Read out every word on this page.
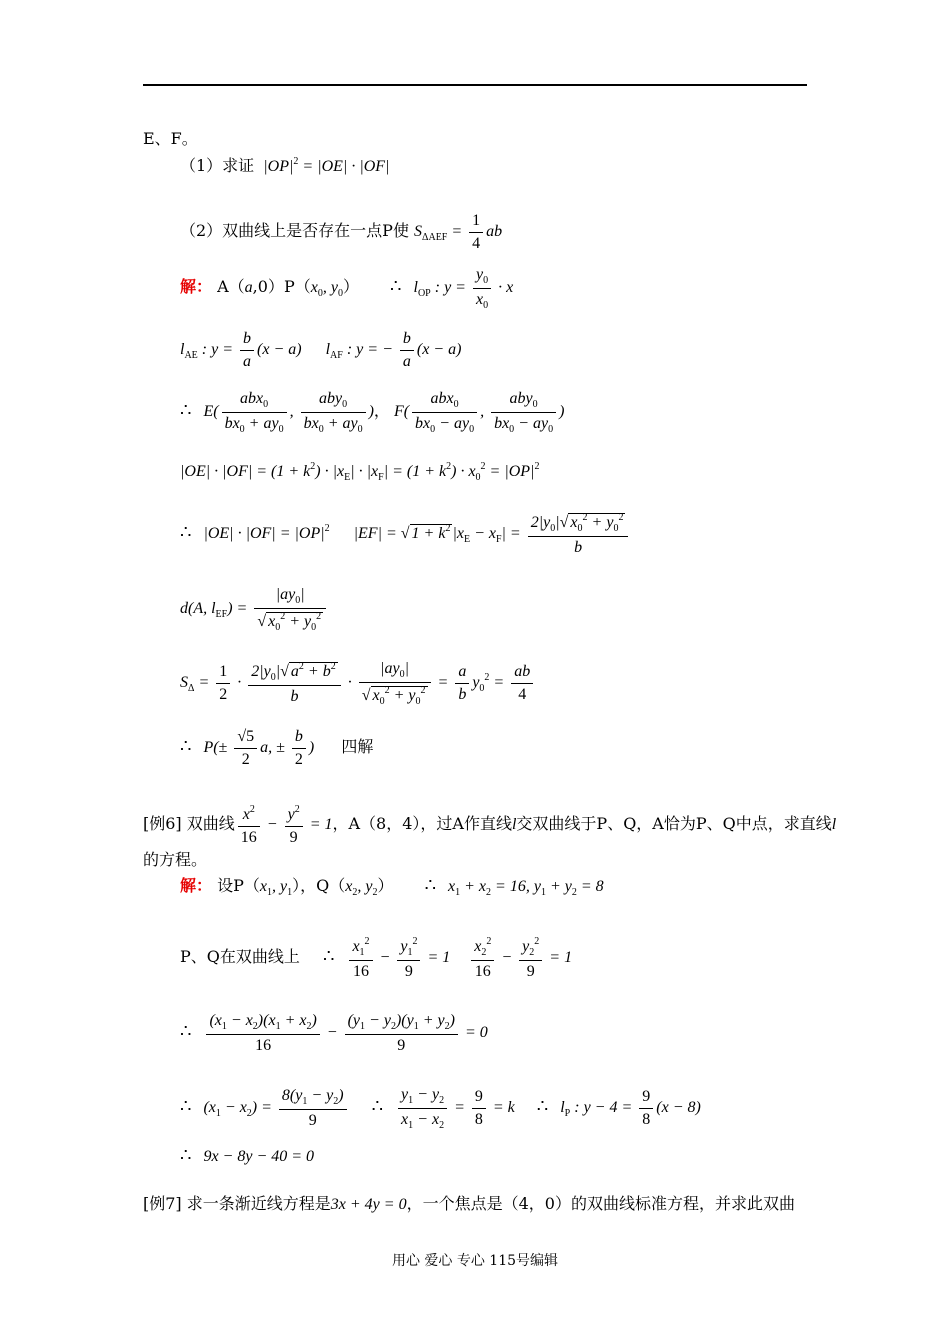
E、F。
（1）求证 $|OP|^2 = |OE| \cdot |OF|$
（2）双曲线上是否存在一点P使 $S_{\Delta AEF} = \frac{1}{4}$ ab
解： $A(a,0)P(x_0$, $y_0$） ∴ $l_{OP}$ : $y = \frac{y_0}{x_0} \cdot x$
$l_{AE}$ : $y = \frac{b}{a} (x - a)$ $l_{AF}$ : y = − $\frac{b}{a} (x - a)$
∴ $E( \frac{abx_0}{bx_0 + ay_0}$ , $\frac{aby_0}{bx_0 + ay_0}$ )， $F( \frac{abx_0}{bx_0 - ay_0}$ , $\frac{aby_0}{bx_0 - ay_0}$ )
$|OE| \cdot |OF| = (1 + k^2) \cdot |x_E| \cdot |x_F| = (1 + k^2) \cdot x_0^2 = |OP|^2$
∴ $|OE| \cdot |OF| = |OP|^2$ |EF| = √ $1 + k^2$ $|x_E - x_F| = \frac{2|y_0|√ x_0^2 + y_0^2}{b}$
d(A, $l_{EF}) = \frac{|ay_0|}{√ x_0^2 + y_0^2}$
$S_\Delta = \frac{1}{2} \cdot \frac{2|y_0|√ a^2 + b^2}{b} \cdot \frac{|ay_0|}{√ x_0^2 + y_0^2} = \frac{a}{b} y_0^2 = \frac{ab}{4}$
∴ $P(\pm \frac{√5}{2} a$, ± $\frac{b}{2}$ ) 四解
[例6] 双曲线 $\frac{x^2}{16} - \frac{y^2}{9} = 1$，A（8，4），过A作直线l交双曲线于P、Q，A恰为P、Q中点，求直线l
的方程。
解： 设$P(x_1$, $y_1$），$Q(x_2$, $y_2$） ∴ $x_1 + x_2 = 16$, $y_1 + y_2 = 8$
P、Q在双曲线上 ∴ $\frac{x_1^2}{16} - \frac{y_1^2}{9} = 1 \frac{x_2^2}{16} - \frac{y_2^2}{9} = 1$
∴ $\frac{(x_1 - x_2)(x_1 + x_2)}{16} - \frac{(y_1 - y_2)(y_1 + y_2)}{9} = 0$
∴ $(x_1 - x_2) = \frac{8(y_1 - y_2)}{9}$ ∴ $\frac{y_1 - y_2}{x_1 - x_2} = \frac{9}{8} = k$ ∴ $l_P$ : $y - 4 = \frac{9}{8} (x - 8)$
∴ 9x − 8y − 40 = 0
[例7] 求一条渐近线方程是3x + 4y = 0，一个焦点是（4，0）的双曲线标准方程，并求此双曲
用心 爱心 专心 115号编辑
